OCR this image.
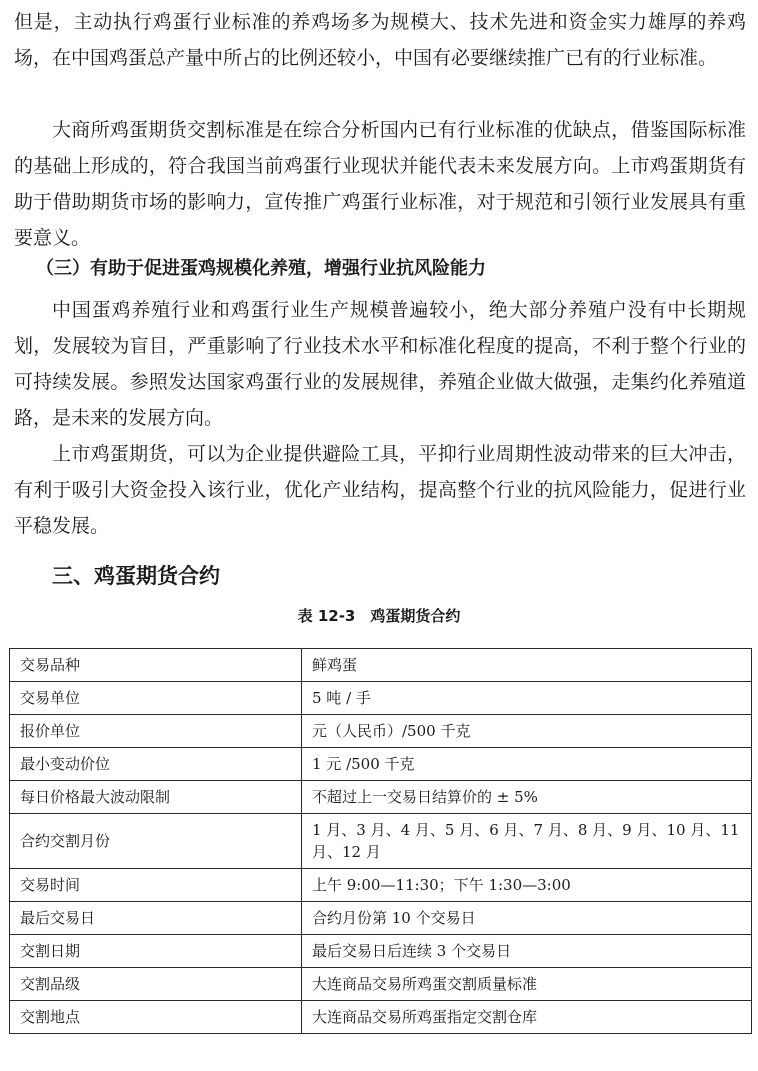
但是，主动执行鸡蛋行业标准的养鸡场多为规模大、技术先进和资金实力雄厚的养鸡场，在中国鸡蛋总产量中所占的比例还较小，中国有必要继续推广已有的行业标准。

大商所鸡蛋期货交割标准是在综合分析国内已有行业标准的优缺点，借鉴国际标准的基础上形成的，符合我国当前鸡蛋行业现状并能代表未来发展方向。上市鸡蛋期货有助于借助期货市场的影响力，宣传推广鸡蛋行业标准，对于规范和引领行业发展具有重要意义。

（三）有助于促进蛋鸡规模化养殖，增强行业抗风险能力

中国蛋鸡养殖行业和鸡蛋行业生产规模普遍较小，绝大部分养殖户没有中长期规划，发展较为盲目，严重影响了行业技术水平和标准化程度的提高，不利于整个行业的可持续发展。参照发达国家鸡蛋行业的发展规律，养殖企业做大做强，走集约化养殖道路，是未来的发展方向。

上市鸡蛋期货，可以为企业提供避险工具，平抑行业周期性波动带来的巨大冲击，有利于吸引大资金投入该行业，优化产业结构，提高整个行业的抗风险能力，促进行业平稳发展。

三、鸡蛋期货合约
表 12-3　鸡蛋期货合约
交易品种	鲜鸡蛋
交易单位	5 吨 / 手
报价单位	元（人民币）/500 千克
最小变动价位	1 元 /500 千克
每日价格最大波动限制	不超过上一交易日结算价的 ± 5%
合约交割月份	1 月、3 月、4 月、5 月、6 月、7 月、8 月、9 月、10 月、11 月、12 月
交易时间	上午 9:00—11:30；下午 1:30—3:00
最后交易日	合约月份第 10 个交易日
交割日期	最后交易日后连续 3 个交易日
交割品级	大连商品交易所鸡蛋交割质量标准
交割地点	大连商品交易所鸡蛋指定交割仓库
